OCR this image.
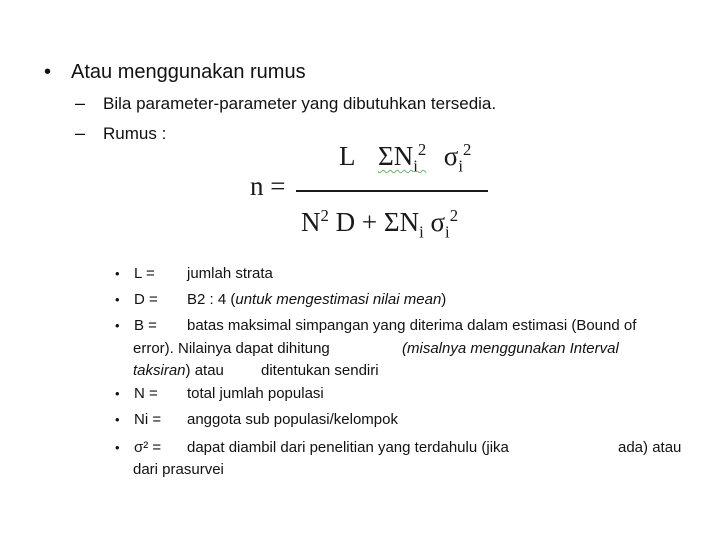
• Atau menggunakan rumus
– Bila parameter-parameter yang dibutuhkan tersedia.
– Rumus :
n =
L $\Sigma N_i^2$ $\sigma_i^2$
$N^2$ $D + \Sigma N_i$ $\sigma_i^2$
• L = jumlah strata
• D = B2 : 4 (untuk mengestimasi nilai mean)
• B = batas maksimal simpangan yang diterima dalam estimasi (Bound of
error). Nilainya dapat dihitung	(misalnya menggunakan Interval
taksiran) atau ditentukan sendiri
• N = total jumlah populasi
• Ni = anggota sub populasi/kelompok
• σ² = dapat diambil dari penelitian yang terdahulu (jika	ada) atau
dari prasurvei
